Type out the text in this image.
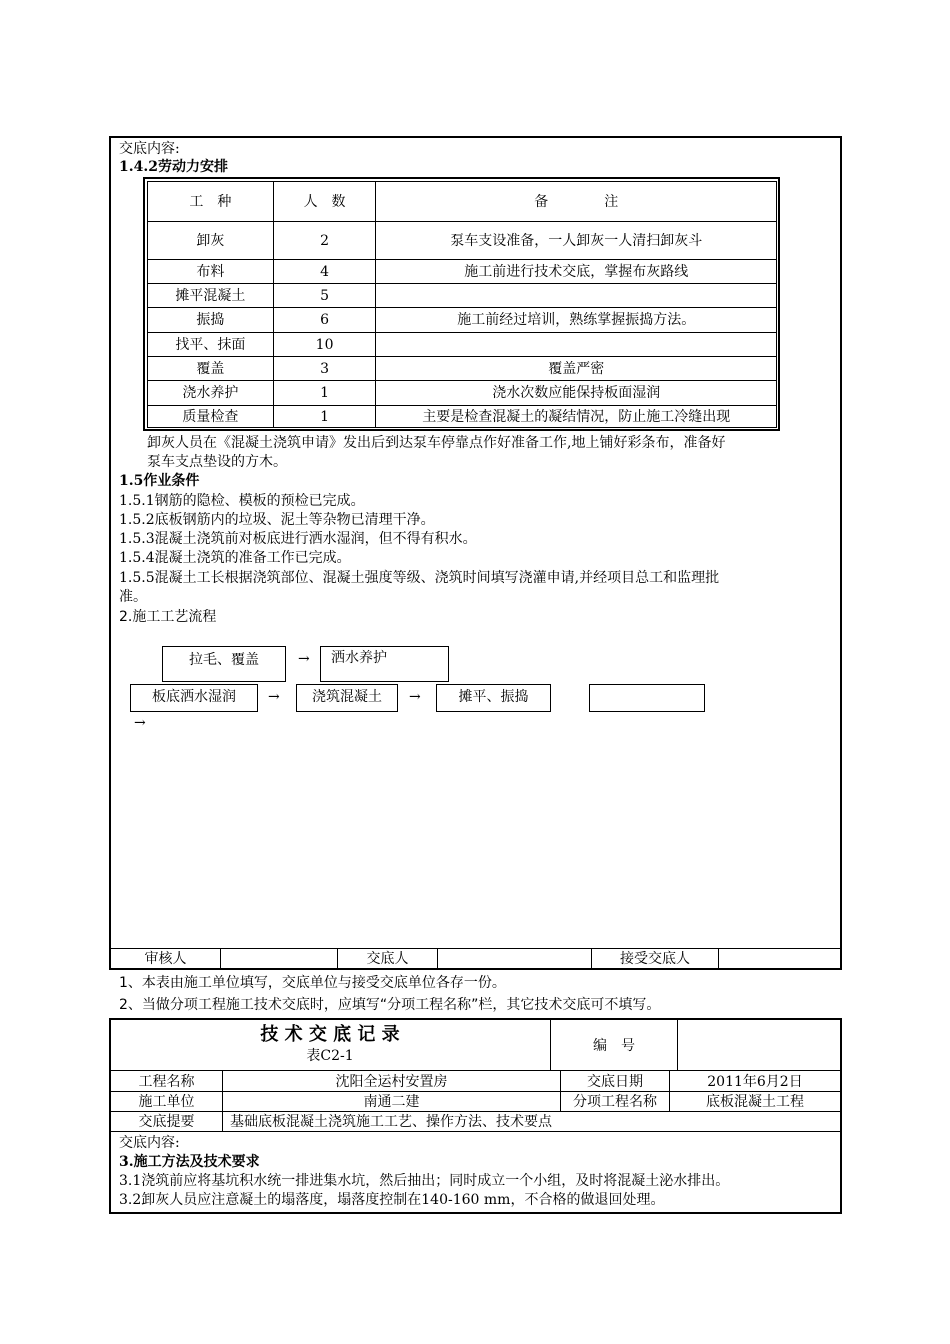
交底内容:
1.4.2劳动力安排
工　种	人　数	备　　　　注
卸灰	2	泵车支设准备，一人卸灰一人清扫卸灰斗
布料	4	施工前进行技术交底，掌握布灰路线
摊平混凝土	5	
振捣	6	施工前经过培训，熟练掌握振捣方法。
找平、抹面	10	
覆盖	3	覆盖严密
浇水养护	1	浇水次数应能保持板面湿润
质量检查	1	主要是检查混凝土的凝结情况，防止施工冷缝出现
卸灰人员在《混凝土浇筑申请》发出后到达泵车停靠点作好准备工作,地上铺好彩条布，准备好
泵车支点垫设的方木。
1.5作业条件
1.5.1钢筋的隐检、模板的预检已完成。
1.5.2底板钢筋内的垃圾、泥土等杂物已清理干净。
1.5.3混凝土浇筑前对板底进行洒水湿润，但不得有积水。
1.5.4混凝土浇筑的准备工作已完成。
1.5.5混凝土工长根据浇筑部位、混凝土强度等级、浇筑时间填写浇灌申请,并经项目总工和监理批
准。
2.施工工艺流程
拉毛、覆盖	→	洒水养护
板底洒水湿润	→	浇筑混凝土	→	摊平、振捣
→
审核人	交底人	接受交底人
1、本表由施工单位填写，交底单位与接受交底单位各存一份。
2、当做分项工程施工技术交底时，应填写“分项工程名称”栏，其它技术交底可不填写。
技 术 交 底 记 录
表C2-1
编　号
工程名称	沈阳全运村安置房	交底日期	2011年6月2日
施工单位	南通二建	分项工程名称	底板混凝土工程
交底提要	基础底板混凝土浇筑施工工艺、操作方法、技术要点
交底内容:
3.施工方法及技术要求
3.1浇筑前应将基坑积水统一排进集水坑，然后抽出；同时成立一个小组，及时将混凝土泌水排出。
3.2卸灰人员应注意凝土的塌落度，塌落度控制在140-160 mm，不合格的做退回处理。
